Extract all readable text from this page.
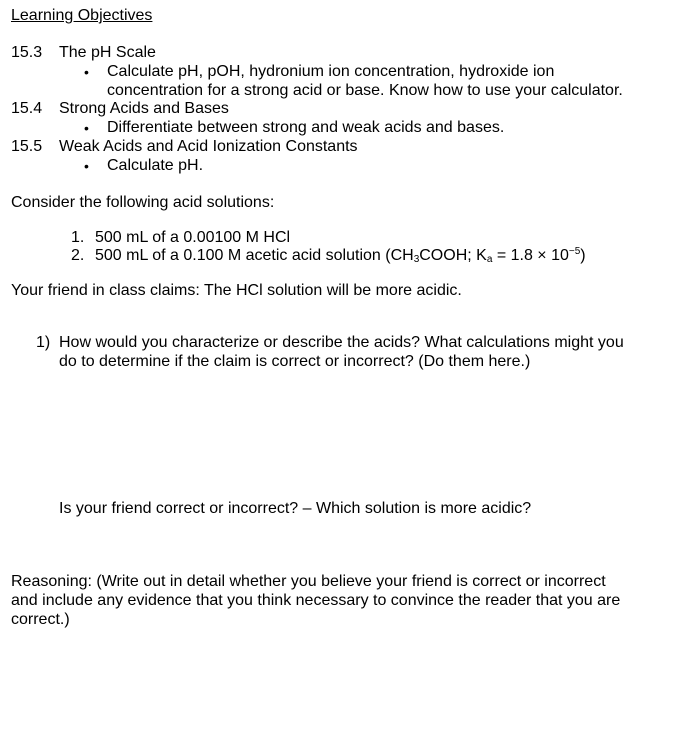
Learning Objectives
15.3 The pH Scale
• Calculate pH, pOH, hydronium ion concentration, hydroxide ion
concentration for a strong acid or base. Know how to use your calculator.
15.4 Strong Acids and Bases
• Differentiate between strong and weak acids and bases.
15.5 Weak Acids and Acid Ionization Constants
• Calculate pH.
Consider the following acid solutions:
1. 500 mL of a 0.00100 M HCl
2. 500 mL of a 0.100 M acetic acid solution ($CH_3COOH$; $K_a = 1.8 \times 10^{-5}$)
Your friend in class claims: The HCl solution will be more acidic.
1) How would you characterize or describe the acids? What calculations might you
do to determine if the claim is correct or incorrect? (Do them here.)
Is your friend correct or incorrect? – Which solution is more acidic?
Reasoning: (Write out in detail whether you believe your friend is correct or incorrect
and include any evidence that you think necessary to convince the reader that you are
correct.)
